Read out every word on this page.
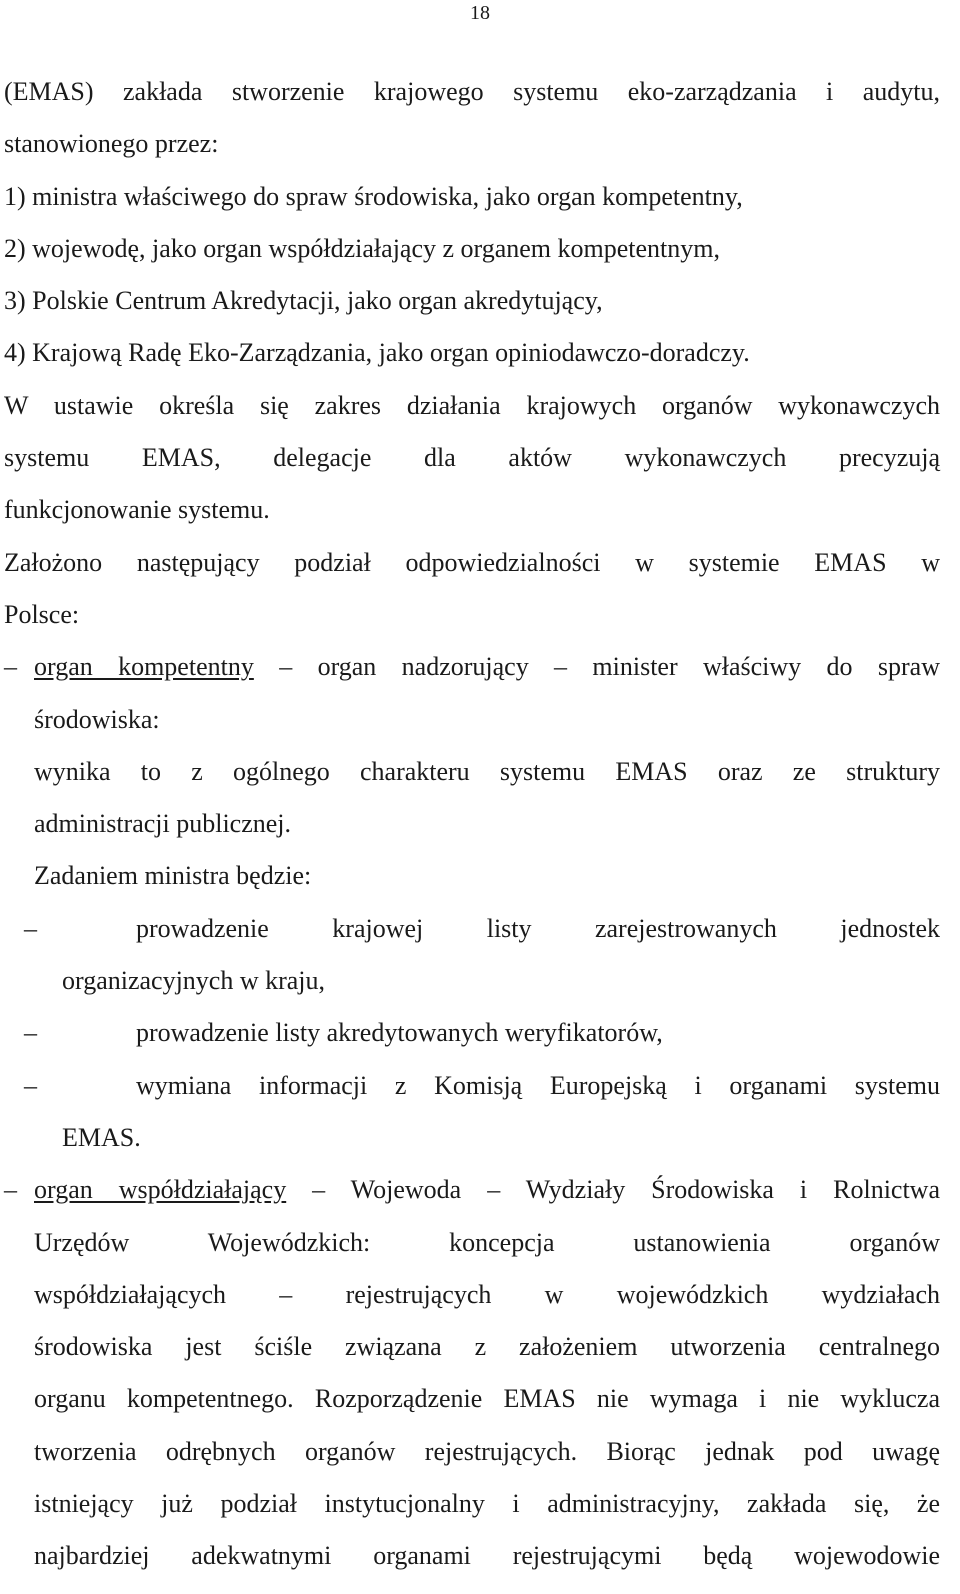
18

(EMAS) zakłada stworzenie krajowego systemu eko-zarządzania i audytu,

stanowionego przez:

1) ministra właściwego do spraw środowiska, jako organ kompetentny,

2) wojewodę, jako organ współdziałający z organem kompetentnym,

3) Polskie Centrum Akredytacji, jako organ akredytujący,

4) Krajową Radę Eko-Zarządzania, jako organ opiniodawczo-doradczy.

W ustawie określa się zakres działania krajowych organów wykonawczych

systemu EMAS, delegacje dla aktów wykonawczych precyzują

funkcjonowanie systemu.

Założono następujący podział odpowiedzialności w systemie EMAS w

Polsce:

– organ kompetentny – organ nadzorujący – minister właściwy do spraw

środowiska:

wynika to z ogólnego charakteru systemu EMAS oraz ze struktury

administracji publicznej.

Zadaniem ministra będzie:

–	prowadzenie krajowej listy zarejestrowanych jednostek

organizacyjnych w kraju,

–	prowadzenie listy akredytowanych weryfikatorów,

–	wymiana informacji z Komisją Europejską i organami systemu

EMAS.

– organ współdziałający – Wojewoda – Wydziały Środowiska i Rolnictwa

Urzędów Wojewódzkich: koncepcja ustanowienia organów

współdziałających – rejestrujących w wojewódzkich wydziałach

środowiska jest ściśle związana z założeniem utworzenia centralnego

organu kompetentnego. Rozporządzenie EMAS nie wymaga i nie wyklucza

tworzenia odrębnych organów rejestrujących. Biorąc jednak pod uwagę

istniejący już podział instytucjonalny i administracyjny, zakłada się, że

najbardziej adekwatnymi organami rejestrującymi będą wojewodowie
